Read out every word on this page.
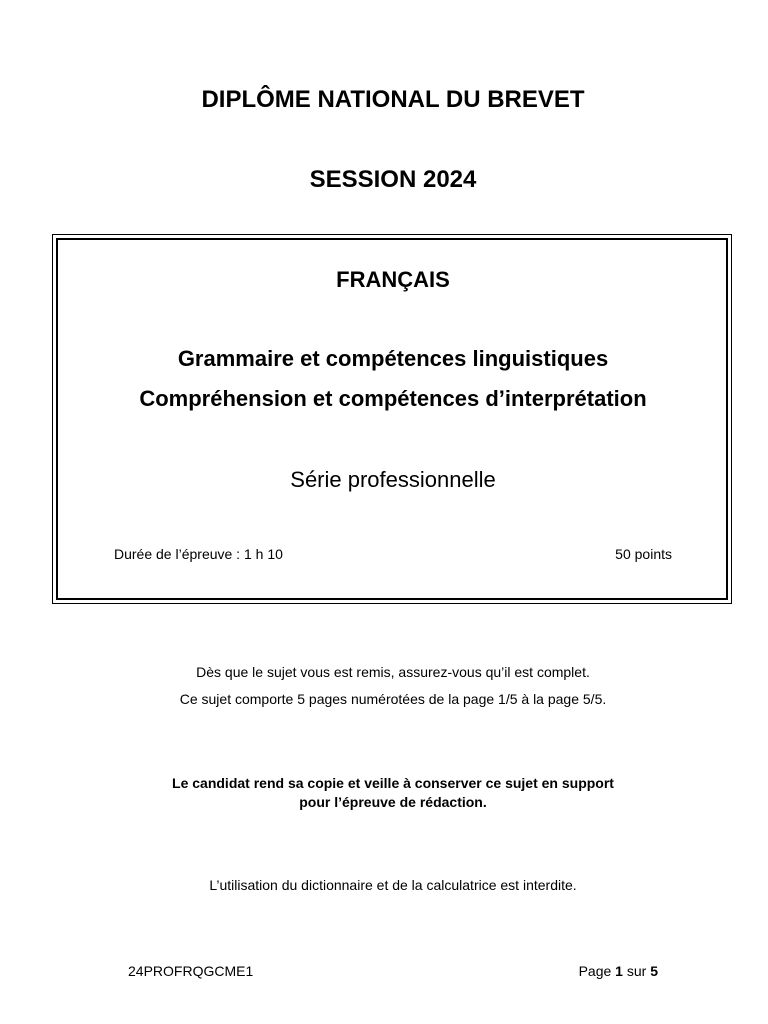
DIPLÔME NATIONAL DU BREVET
SESSION 2024
FRANÇAIS
Grammaire et compétences linguistiques
Compréhension et compétences d’interprétation
Série professionnelle
Durée de l’épreuve : 1 h 10	50 points
Dès que le sujet vous est remis, assurez-vous qu’il est complet.
Ce sujet comporte 5 pages numérotées de la page 1/5 à la page 5/5.
Le candidat rend sa copie et veille à conserver ce sujet en support
pour l’épreuve de rédaction.
L’utilisation du dictionnaire et de la calculatrice est interdite.
24PROFRQGCME1	Page 1 sur 5
